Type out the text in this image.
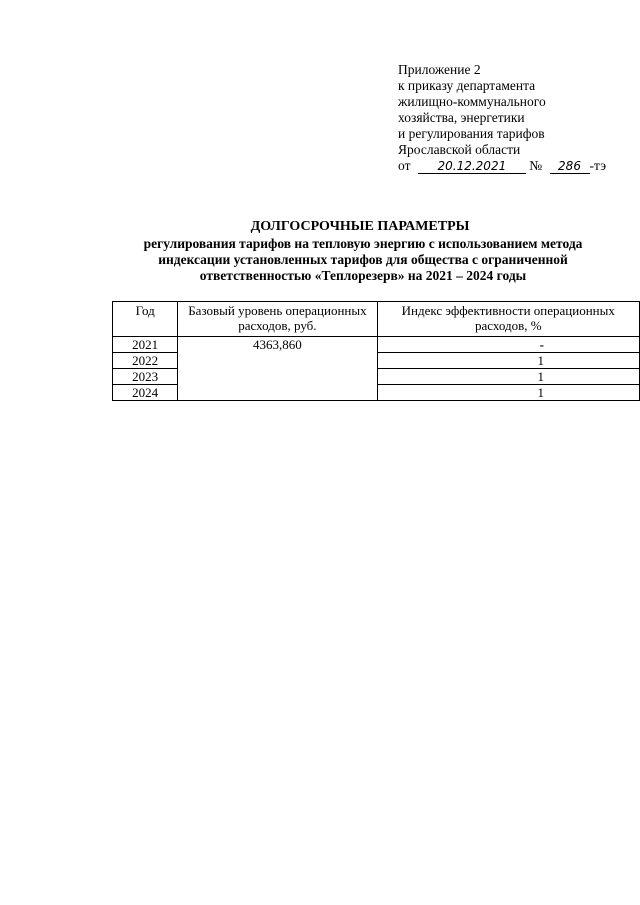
Приложение 2
к приказу департамента
жилищно-коммунального
хозяйства, энергетики
и регулирования тарифов
Ярославской области
от 20.12.2021 № 286 -тэ
ДОЛГОСРОЧНЫЕ ПАРАМЕТРЫ
регулирования тарифов на тепловую энергию с использованием метода
индексации установленных тарифов для общества с ограниченной
ответственностью «Теплорезерв» на 2021 – 2024 годы
Год	Базовый уровень операционных расходов, руб.	Индекс эффективности операционных расходов, %
2021	4363,860	-
2022		1
2023		1
2024		1
